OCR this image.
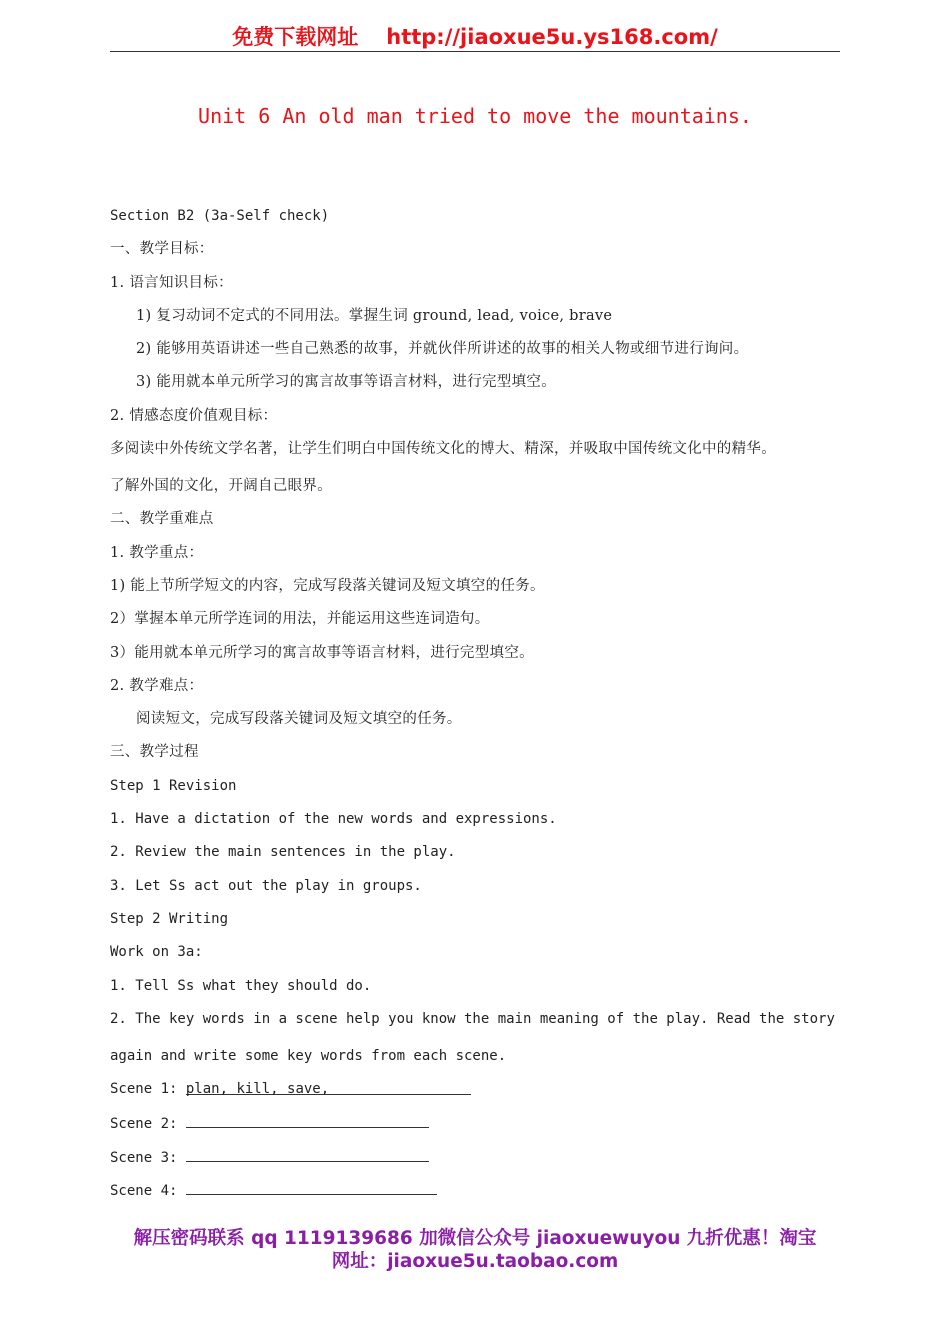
免费下载网址 http://jiaoxue5u.ys168.com/
Unit 6 An old man tried to move the mountains.
Section B2 (3a-Self check)
一、教学目标：
1. 语言知识目标：
1) 复习动词不定式的不同用法。掌握生词 ground, lead, voice, brave
2) 能够用英语讲述一些自己熟悉的故事，并就伙伴所讲述的故事的相关人物或细节进行询问。
3) 能用就本单元所学习的寓言故事等语言材料，进行完型填空。
2. 情感态度价值观目标：
多阅读中外传统文学名著，让学生们明白中国传统文化的博大、精深，并吸取中国传统文化中的精华。
了解外国的文化，开阔自己眼界。
二、教学重难点
1. 教学重点：
1) 能上节所学短文的内容，完成写段落关键词及短文填空的任务。
2）掌握本单元所学连词的用法，并能运用这些连词造句。
3）能用就本单元所学习的寓言故事等语言材料，进行完型填空。
2. 教学难点：
阅读短文，完成写段落关键词及短文填空的任务。
三、教学过程
Step 1 Revision
1. Have a dictation of the new words and expressions.
2. Review the main sentences in the play.
3. Let Ss act out the play in groups.
Step 2 Writing
Work on 3a:
1. Tell Ss what they should do.
2. The key words in a scene help you know the main meaning of the play. Read the story
again and write some key words from each scene.
Scene 1: plan, kill, save,
Scene 2:
Scene 3:
Scene 4:
解压密码联系 qq 1119139686 加微信公众号 jiaoxuewuyou 九折优惠！淘宝
网址：jiaoxue5u.taobao.com
